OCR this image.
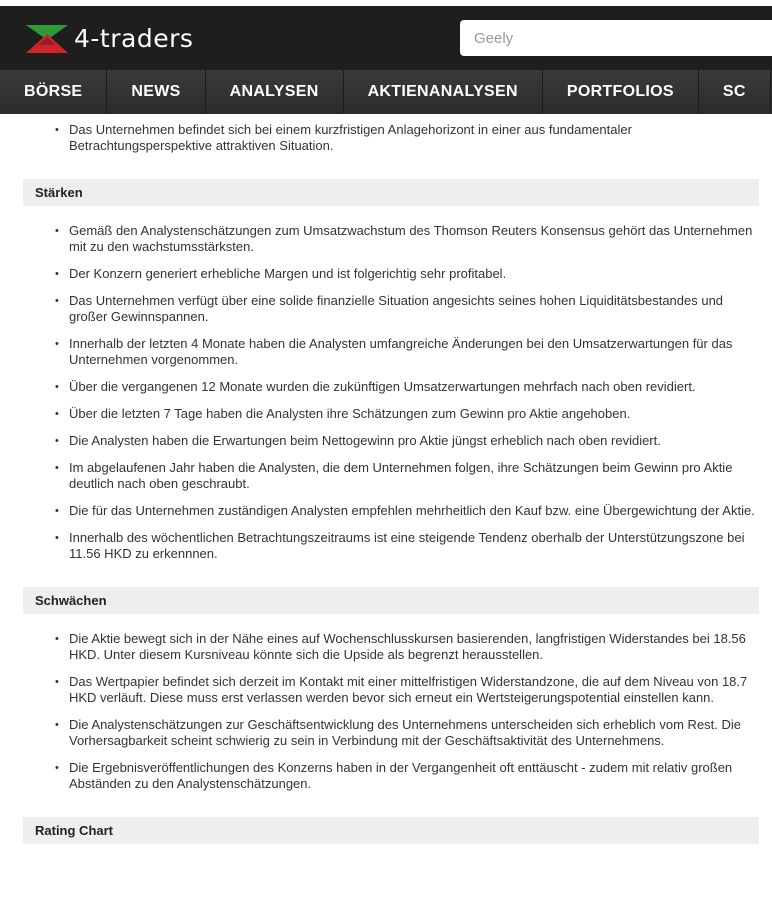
4-traders
Geely
BÖRSE	NEWS	ANALYSEN	AKTIENANALYSEN	PORTFOLIOS	SC
• Das Unternehmen befindet sich bei einem kurzfristigen Anlagehorizont in einer aus fundamentaler Betrachtungsperspektive attraktiven Situation.
Stärken
• Gemäß den Analystenschätzungen zum Umsatzwachstum des Thomson Reuters Konsensus gehört das Unternehmen mit zu den wachstumsstärksten.
• Der Konzern generiert erhebliche Margen und ist folgerichtig sehr profitabel.
• Das Unternehmen verfügt über eine solide finanzielle Situation angesichts seines hohen Liquiditätsbestandes und großer Gewinnspannen.
• Innerhalb der letzten 4 Monate haben die Analysten umfangreiche Änderungen bei den Umsatzerwartungen für das Unternehmen vorgenommen.
• Über die vergangenen 12 Monate wurden die zukünftigen Umsatzerwartungen mehrfach nach oben revidiert.
• Über die letzten 7 Tage haben die Analysten ihre Schätzungen zum Gewinn pro Aktie angehoben.
• Die Analysten haben die Erwartungen beim Nettogewinn pro Aktie jüngst erheblich nach oben revidiert.
• Im abgelaufenen Jahr haben die Analysten, die dem Unternehmen folgen, ihre Schätzungen beim Gewinn pro Aktie deutlich nach oben geschraubt.
• Die für das Unternehmen zuständigen Analysten empfehlen mehrheitlich den Kauf bzw. eine Übergewichtung der Aktie.
• Innerhalb des wöchentlichen Betrachtungszeitraums ist eine steigende Tendenz oberhalb der Unterstützungszone bei 11.56 HKD zu erkennnen.
Schwächen
• Die Aktie bewegt sich in der Nähe eines auf Wochenschlusskursen basierenden, langfristigen Widerstandes bei 18.56 HKD. Unter diesem Kursniveau könnte sich die Upside als begrenzt herausstellen.
• Das Wertpapier befindet sich derzeit im Kontakt mit einer mittelfristigen Widerstandzone, die auf dem Niveau von 18.7 HKD verläuft. Diese muss erst verlassen werden bevor sich erneut ein Wertsteigerungspotential einstellen kann.
• Die Analystenschätzungen zur Geschäftsentwicklung des Unternehmens unterscheiden sich erheblich vom Rest. Die Vorhersagbarkeit scheint schwierig zu sein in Verbindung mit der Geschäftsaktivität des Unternehmens.
• Die Ergebnisveröffentlichungen des Konzerns haben in der Vergangenheit oft enttäuscht - zudem mit relativ großen Abständen zu den Analystenschätzungen.
Rating Chart
